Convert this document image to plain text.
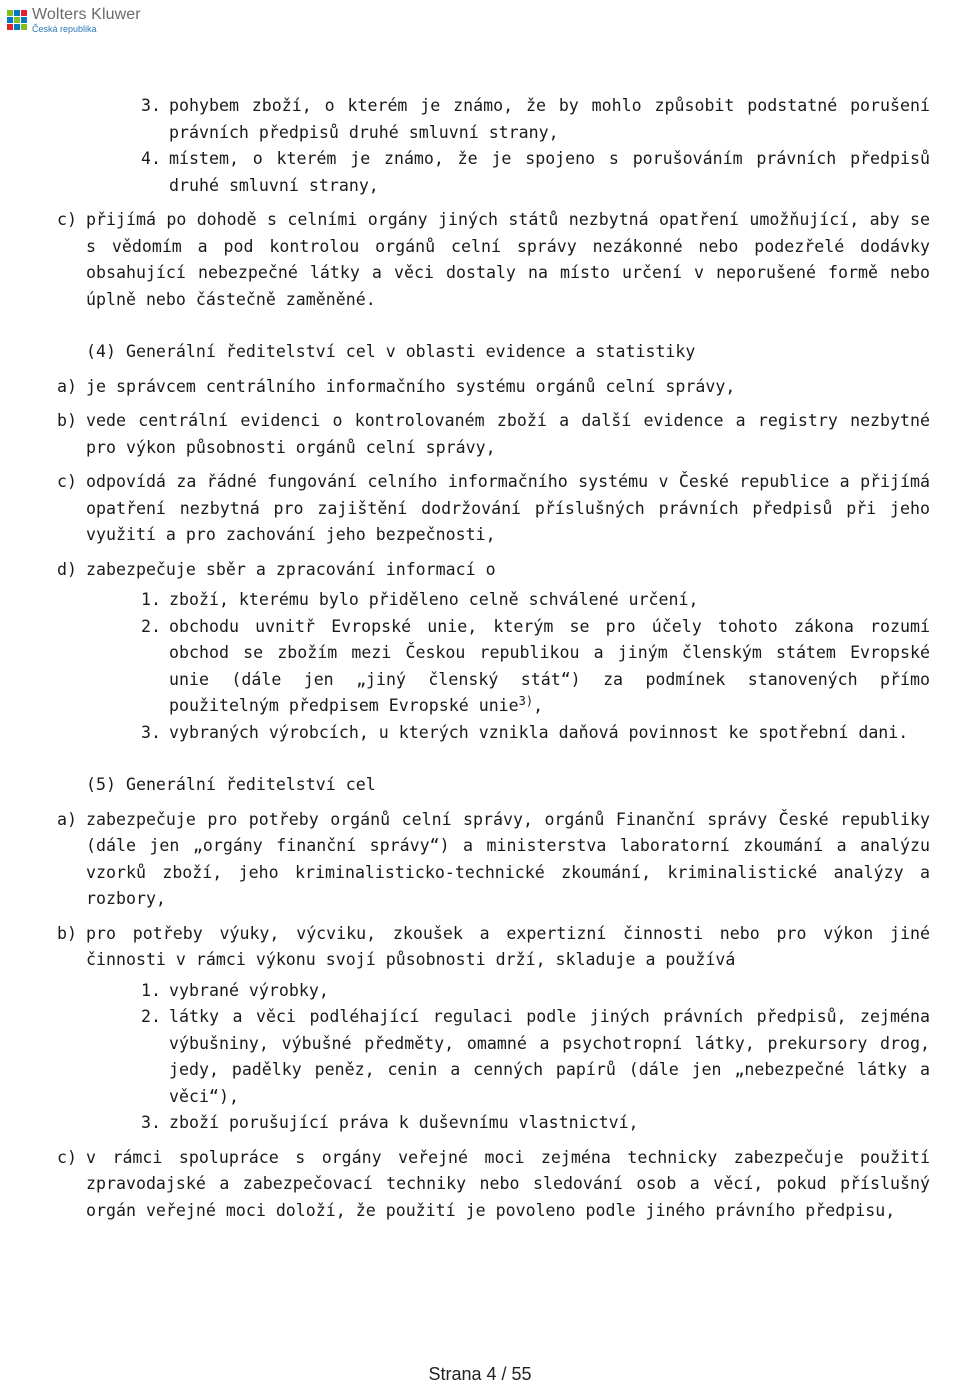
Wolters Kluwer
Česká republika
3. pohybem zboží, o kterém je známo, že by mohlo způsobit podstatné porušení právních předpisů druhé smluvní strany,
4. místem, o kterém je známo, že je spojeno s porušováním právních předpisů druhé smluvní strany,
c) přijímá po dohodě s celními orgány jiných států nezbytná opatření umožňující, aby se s vědomím a pod kontrolou orgánů celní správy nezákonné nebo podezřelé dodávky obsahující nebezpečné látky a věci dostaly na místo určení v neporušené formě nebo úplně nebo částečně zaměněné.
(4) Generální ředitelství cel v oblasti evidence a statistiky
a) je správcem centrálního informačního systému orgánů celní správy,
b) vede centrální evidenci o kontrolovaném zboží a další evidence a registry nezbytné pro výkon působnosti orgánů celní správy,
c) odpovídá za řádné fungování celního informačního systému v České republice a přijímá opatření nezbytná pro zajištění dodržování příslušných právních předpisů při jeho využití a pro zachování jeho bezpečnosti,
d) zabezpečuje sběr a zpracování informací o
1. zboží, kterému bylo přiděleno celně schválené určení,
2. obchodu uvnitř Evropské unie, kterým se pro účely tohoto zákona rozumí obchod se zbožím mezi Českou republikou a jiným členským státem Evropské unie (dále jen „jiný členský stát“) za podmínek stanovených přímo použitelným předpisem Evropské unie$^{3)}$,
3. vybraných výrobcích, u kterých vznikla daňová povinnost ke spotřební dani.
(5) Generální ředitelství cel
a) zabezpečuje pro potřeby orgánů celní správy, orgánů Finanční správy České republiky (dále jen „orgány finanční správy“) a ministerstva laboratorní zkoumání a analýzu vzorků zboží, jeho kriminalisticko-technické zkoumání, kriminalistické analýzy a rozbory,
b) pro potřeby výuky, výcviku, zkoušek a expertizní činnosti nebo pro výkon jiné činnosti v rámci výkonu svojí působnosti drží, skladuje a používá
1. vybrané výrobky,
2. látky a věci podléhající regulaci podle jiných právních předpisů, zejména výbušniny, výbušné předměty, omamné a psychotropní látky, prekursory drog, jedy, padělky peněz, cenin a cenných papírů (dále jen „nebezpečné látky a věci“),
3. zboží porušující práva k duševnímu vlastnictví,
c) v rámci spolupráce s orgány veřejné moci zejména technicky zabezpečuje použití zpravodajské a zabezpečovací techniky nebo sledování osob a věcí, pokud příslušný orgán veřejné moci doloží, že použití je povoleno podle jiného právního předpisu,
Strana 4 / 55
